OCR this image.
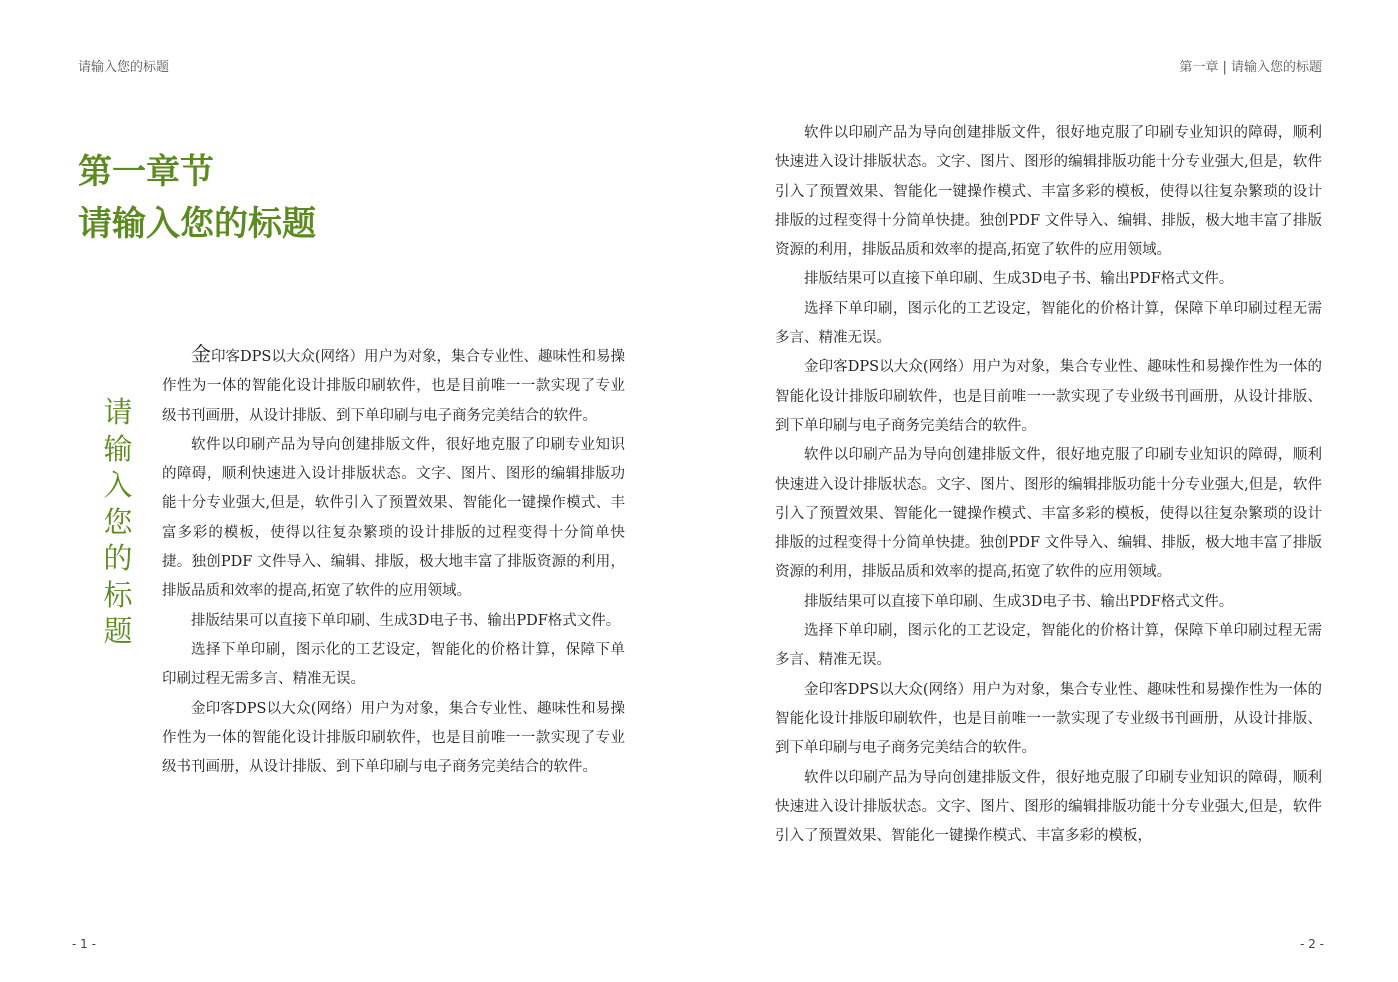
请输入您的标题
第一章节
请输入您的标题
请
输
入
您
的
标
题

金印客DPS以大众(网络）用户为对象，集合专业性、趣味性和易操作性为一体的智能化设计排版印刷软件，也是目前唯一一款实现了专业级书刊画册，从设计排版、到下单印刷与电子商务完美结合的软件。

软件以印刷产品为导向创建排版文件，很好地克服了印刷专业知识的障碍，顺利快速进入设计排版状态。文字、图片、图形的编辑排版功能十分专业强大,但是，软件引入了预置效果、智能化一键操作模式、丰富多彩的模板，使得以往复杂繁琐的设计排版的过程变得十分简单快捷。独创PDF 文件导入、编辑、排版，极大地丰富了排版资源的利用，排版品质和效率的提高,拓宽了软件的应用领域。

排版结果可以直接下单印刷、生成3D电子书、输出PDF格式文件。

选择下单印刷，图示化的工艺设定，智能化的价格计算，保障下单印刷过程无需多言、精准无误。

金印客DPS以大众(网络）用户为对象，集合专业性、趣味性和易操作性为一体的智能化设计排版印刷软件，也是目前唯一一款实现了专业级书刊画册，从设计排版、到下单印刷与电子商务完美结合的软件。

- 1 -
第一章 | 请输入您的标题

软件以印刷产品为导向创建排版文件，很好地克服了印刷专业知识的障碍，顺利快速进入设计排版状态。文字、图片、图形的编辑排版功能十分专业强大,但是，软件引入了预置效果、智能化一键操作模式、丰富多彩的模板，使得以往复杂繁琐的设计排版的过程变得十分简单快捷。独创PDF 文件导入、编辑、排版，极大地丰富了排版资源的利用，排版品质和效率的提高,拓宽了软件的应用领域。

排版结果可以直接下单印刷、生成3D电子书、输出PDF格式文件。

选择下单印刷，图示化的工艺设定，智能化的价格计算，保障下单印刷过程无需多言、精准无误。

金印客DPS以大众(网络）用户为对象，集合专业性、趣味性和易操作性为一体的智能化设计排版印刷软件，也是目前唯一一款实现了专业级书刊画册，从设计排版、到下单印刷与电子商务完美结合的软件。

软件以印刷产品为导向创建排版文件，很好地克服了印刷专业知识的障碍，顺利快速进入设计排版状态。文字、图片、图形的编辑排版功能十分专业强大,但是，软件引入了预置效果、智能化一键操作模式、丰富多彩的模板，使得以往复杂繁琐的设计排版的过程变得十分简单快捷。独创PDF 文件导入、编辑、排版，极大地丰富了排版资源的利用，排版品质和效率的提高,拓宽了软件的应用领域。

排版结果可以直接下单印刷、生成3D电子书、输出PDF格式文件。

选择下单印刷，图示化的工艺设定，智能化的价格计算，保障下单印刷过程无需多言、精准无误。

金印客DPS以大众(网络）用户为对象，集合专业性、趣味性和易操作性为一体的智能化设计排版印刷软件，也是目前唯一一款实现了专业级书刊画册，从设计排版、到下单印刷与电子商务完美结合的软件。

软件以印刷产品为导向创建排版文件，很好地克服了印刷专业知识的障碍，顺利快速进入设计排版状态。文字、图片、图形的编辑排版功能十分专业强大,但是，软件引入了预置效果、智能化一键操作模式、丰富多彩的模板，

- 2 -
